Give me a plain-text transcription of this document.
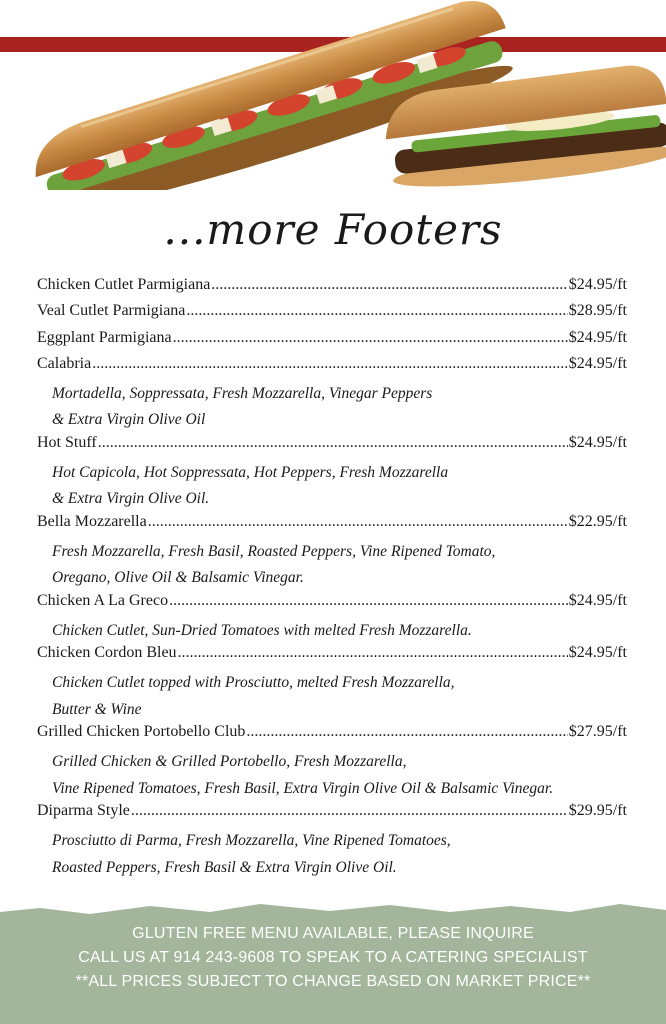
...more Footers
Chicken Cutlet Parmigiana .....	$24.95/ft
Veal Cutlet Parmigiana .....	$28.95/ft
Eggplant Parmigiana .....	$24.95/ft
Calabria .....	$24.95/ft
Mortadella, Soppressata, Fresh Mozzarella, Vinegar Peppers
& Extra Virgin Olive Oil
Hot Stuff .....	$24.95/ft
Hot Capicola, Hot Soppressata, Hot Peppers, Fresh Mozzarella
& Extra Virgin Olive Oil.
Bella Mozzarella .....	$22.95/ft
Fresh Mozzarella, Fresh Basil, Roasted Peppers, Vine Ripened Tomato,
Oregano, Olive Oil & Balsamic Vinegar.
Chicken A La Greco .....	$24.95/ft
Chicken Cutlet, Sun-Dried Tomatoes with melted Fresh Mozzarella.
Chicken Cordon Bleu .....	$24.95/ft
Chicken Cutlet topped with Prosciutto, melted Fresh Mozzarella,
Butter & Wine
Grilled Chicken Portobello Club .....	$27.95/ft
Grilled Chicken & Grilled Portobello, Fresh Mozzarella,
Vine Ripened Tomatoes, Fresh Basil, Extra Virgin Olive Oil & Balsamic Vinegar.
Diparma Style .....	$29.95/ft
Prosciutto di Parma, Fresh Mozzarella, Vine Ripened Tomatoes,
Roasted Peppers, Fresh Basil & Extra Virgin Olive Oil.
GLUTEN FREE MENU AVAILABLE, PLEASE INQUIRE
CALL US AT 914 243-9608 TO SPEAK TO A CATERING SPECIALIST
**ALL PRICES SUBJECT TO CHANGE BASED ON MARKET PRICE**
